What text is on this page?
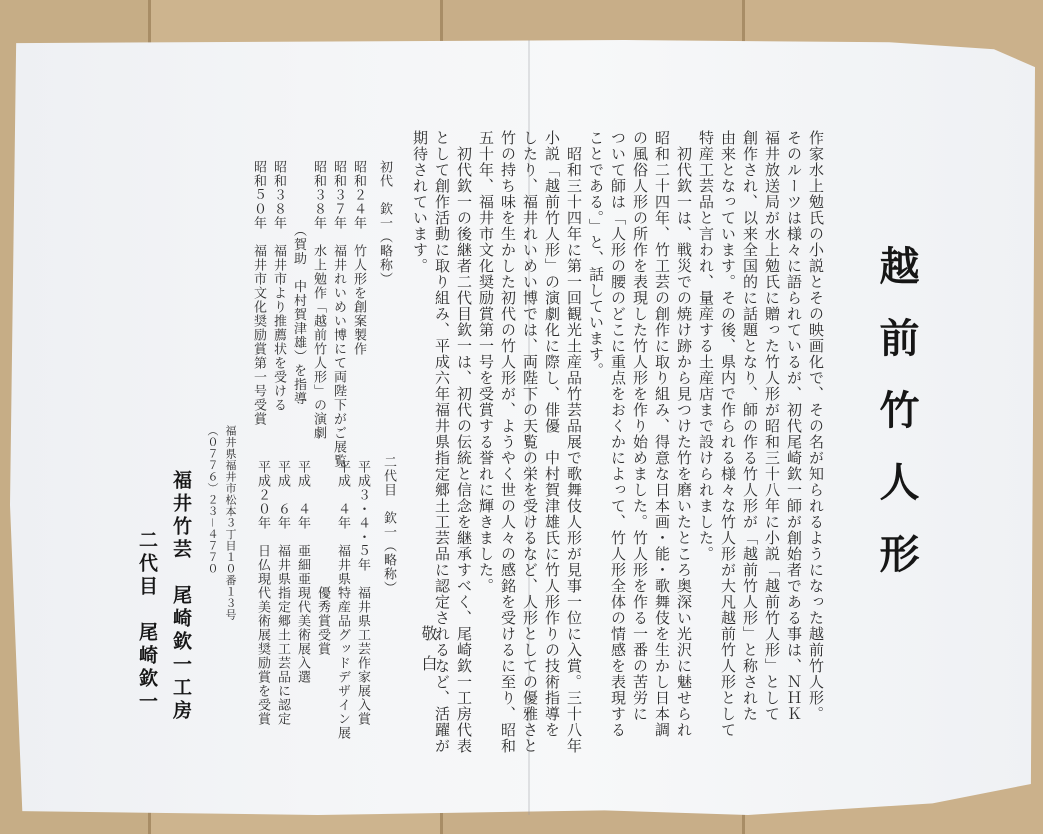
越前竹人形
作家水上勉氏の小説とその映画化で、その名が知られるようになった越前竹人形。
そのルーツは様々に語られているが、初代尾崎欽一師が創始者である事は、ＮＨＫ
福井放送局が水上勉氏に贈った竹人形が昭和三十八年に小説「越前竹人形」として
創作され、以来全国的に話題となり、師の作る竹人形が「越前竹人形」と称された
由来となっています。その後、県内で作られる様々な竹人形が大凡越前竹人形として
特産工芸品と言われ、量産する土産店まで設けられました。
　初代欽一は、戦災での焼け跡から見つけた竹を磨いたところ奥深い光沢に魅せられ
昭和二十四年、竹工芸の創作に取り組み、得意な日本画・能・歌舞伎を生かし日本調
の風俗人形の所作を表現した竹人形を作り始めました。竹人形を作る一番の苦労に
ついて師は「人形の腰のどこに重点をおくかによって、竹人形全体の情感を表現する
ことである。」と、話しています。
　昭和三十四年に第一回観光土産品竹芸品展で歌舞伎人形が見事一位に入賞。三十八年
小説「越前竹人形」の演劇化に際し、俳優　中村賀津雄氏に竹人形作りの技術指導を
したり、福井れいめい博では、両陛下の天覧の栄を受けるなど、人形としての優雅さと
竹の持ち味を生かした初代の竹人形が、ようやく世の人々の感銘を受けるに至り、昭和
五十年、福井市文化奨励賞第一号を受賞する誉れに輝きました。
　初代欽一の後継者二代目欽一は、初代の伝統と信念を継承すべく、尾崎欽一工房代表
として創作活動に取り組み、平成六年福井県指定郷土工芸品に認定されるなど、活躍が
期待されています。
敬白
初代　欽一（略称）
昭和２４年　竹人形を創案製作
昭和３７年　福井れいめい博にて両陛下がご展覧
昭和３８年　水上勉作「越前竹人形」の演劇
　　　　　（賀助　中村賀津雄）を指導
昭和３８年　福井市より推薦状を受ける
昭和５０年　福井市文化奨励賞第一号受賞
二代目　欽一（略称）
平成３・４・５年　福井県工芸作家展入賞
平成　４年　福井県特産品グッドデザイン展
　　　　　　　　　優秀賞受賞
平成　４年　亜細亜現代美術展入選
平成　６年　福井県指定郷土工芸品に認定
平成２０年　日仏現代美術展奨励賞を受賞
福井県福井市松本３丁目１０番１３号
（０７７６）２３－４７７０
福井竹芸　尾崎欽一工房
二代目　尾崎欽一
